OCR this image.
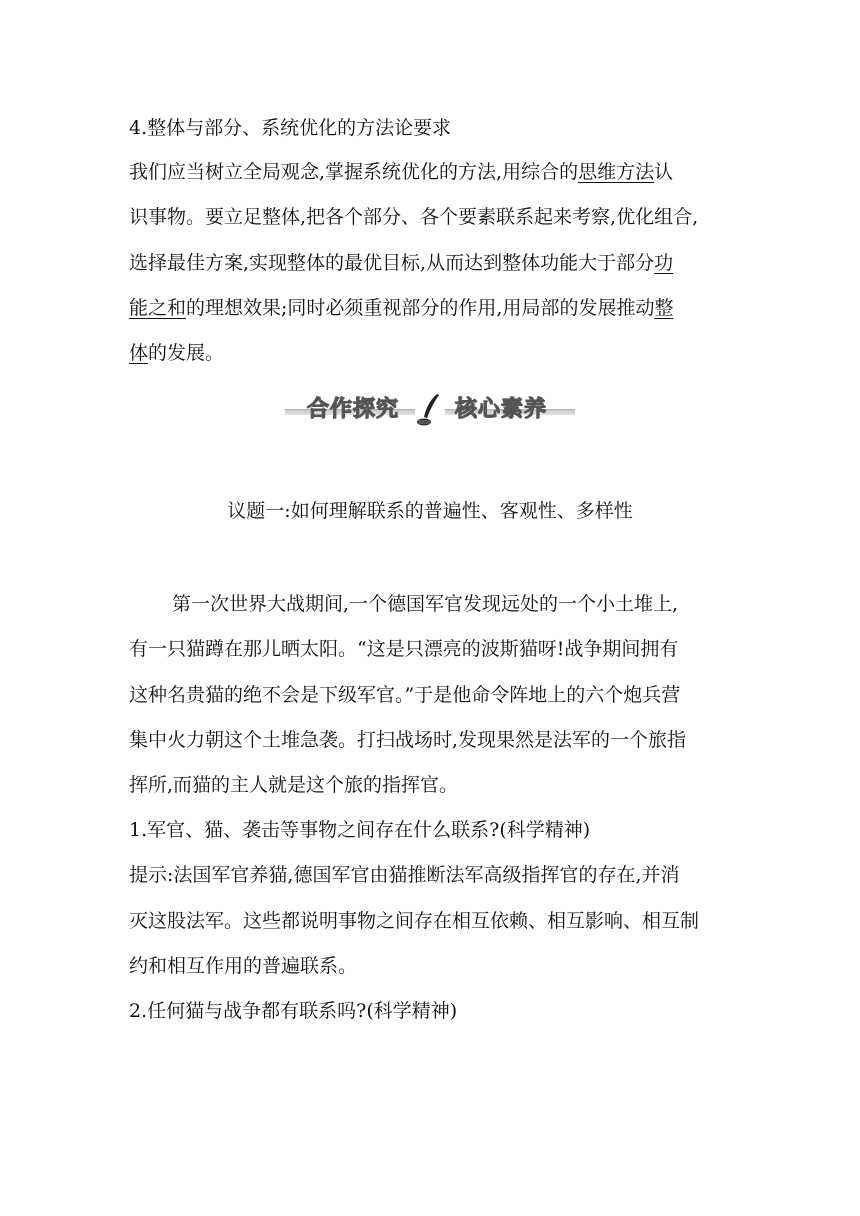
4.整体与部分、系统优化的方法论要求
我们应当树立全局观念,掌握系统优化的方法,用综合的思维方法认
识事物。要立足整体,把各个部分、各个要素联系起来考察,优化组合,
选择最佳方案,实现整体的最优目标,从而达到整体功能大于部分功
能之和的理想效果;同时必须重视部分的作用,用局部的发展推动整
体的发展。
合作探究	核心素养
议题一:如何理解联系的普遍性、客观性、多样性
第一次世界大战期间,一个德国军官发现远处的一个小土堆上,
有一只猫蹲在那儿晒太阳。“这是只漂亮的波斯猫呀!战争期间拥有
这种名贵猫的绝不会是下级军官。”于是他命令阵地上的六个炮兵营
集中火力朝这个土堆急袭。打扫战场时,发现果然是法军的一个旅指
挥所,而猫的主人就是这个旅的指挥官。
1.军官、猫、袭击等事物之间存在什么联系?(科学精神)
提示:法国军官养猫,德国军官由猫推断法军高级指挥官的存在,并消
灭这股法军。这些都说明事物之间存在相互依赖、相互影响、相互制
约和相互作用的普遍联系。
2.任何猫与战争都有联系吗?(科学精神)
